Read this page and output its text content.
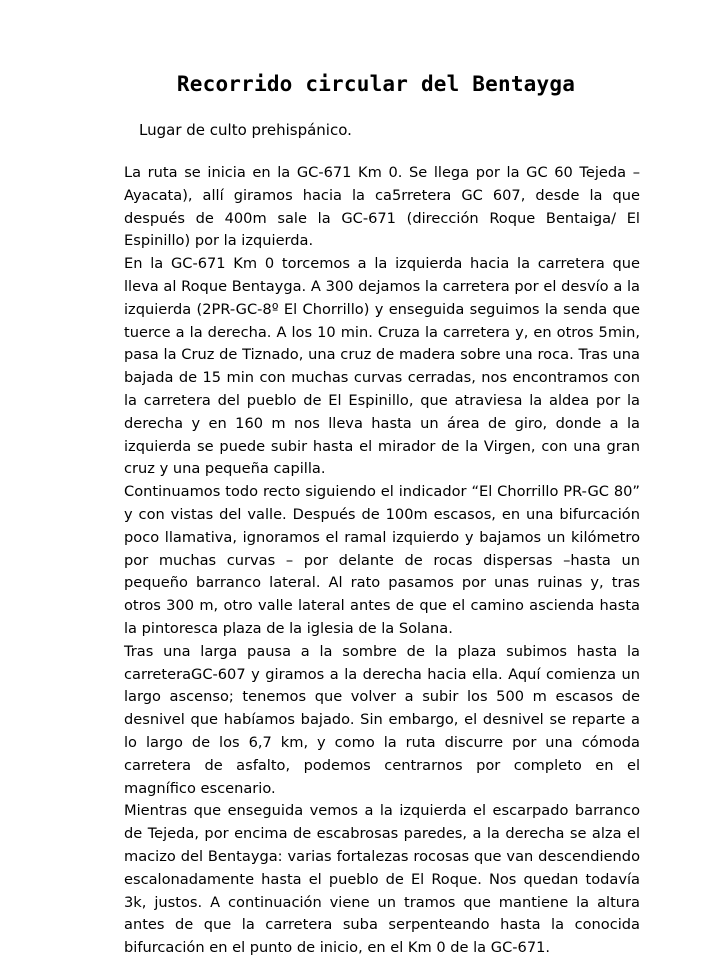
Recorrido circular del Bentayga

Lugar de culto prehispánico.

La ruta se inicia en la GC-671 Km 0. Se llega por la GC 60 Tejeda – Ayacata), allí giramos hacia la ca5rretera GC 607, desde la que después de 400m sale la GC-671 (dirección Roque Bentaiga/ El Espinillo) por la izquierda.

En la GC-671 Km 0 torcemos a la izquierda hacia la carretera que lleva al Roque Bentayga. A 300 dejamos la carretera por el desvío a la izquierda (2PR-GC-8º El Chorrillo) y enseguida seguimos la senda que tuerce a la derecha. A los 10 min. Cruza la carretera y, en otros 5min, pasa la Cruz de Tiznado, una cruz de madera sobre una roca. Tras una bajada de 15 min con muchas curvas cerradas, nos encontramos con la carretera del pueblo de El Espinillo, que atraviesa la aldea por la derecha y en 160 m nos lleva hasta un área de giro, donde a la izquierda se puede subir hasta el mirador de la Virgen, con una gran cruz y una pequeña capilla.

Continuamos todo recto siguiendo el indicador “El Chorrillo PR-GC 80” y con vistas del valle. Después de 100m escasos, en una bifurcación poco llamativa, ignoramos el ramal izquierdo y bajamos un kilómetro por muchas curvas – por delante de rocas dispersas –hasta un pequeño barranco lateral. Al rato pasamos por unas ruinas y, tras otros 300 m, otro valle lateral antes de que el camino ascienda hasta la pintoresca plaza de la iglesia de la Solana.

Tras una larga pausa a la sombre de la plaza subimos hasta la carreteraGC-607 y giramos a la derecha hacia ella. Aquí comienza un largo ascenso; tenemos que volver a subir los 500 m escasos de desnivel que habíamos bajado. Sin embargo, el desnivel se reparte a lo largo de los 6,7 km, y como la ruta discurre por una cómoda carretera de asfalto, podemos centrarnos por completo en el magnífico escenario.

Mientras que enseguida vemos a la izquierda el escarpado barranco de Tejeda, por encima de escabrosas paredes, a la derecha se alza el macizo del Bentayga: varias fortalezas rocosas que van descendiendo escalonadamente hasta el pueblo de El Roque. Nos quedan todavía 3k, justos. A continuación viene un tramos que mantiene la altura antes de que la carretera suba serpenteando hasta la conocida bifurcación en el punto de inicio, en el Km 0 de la GC-671.
